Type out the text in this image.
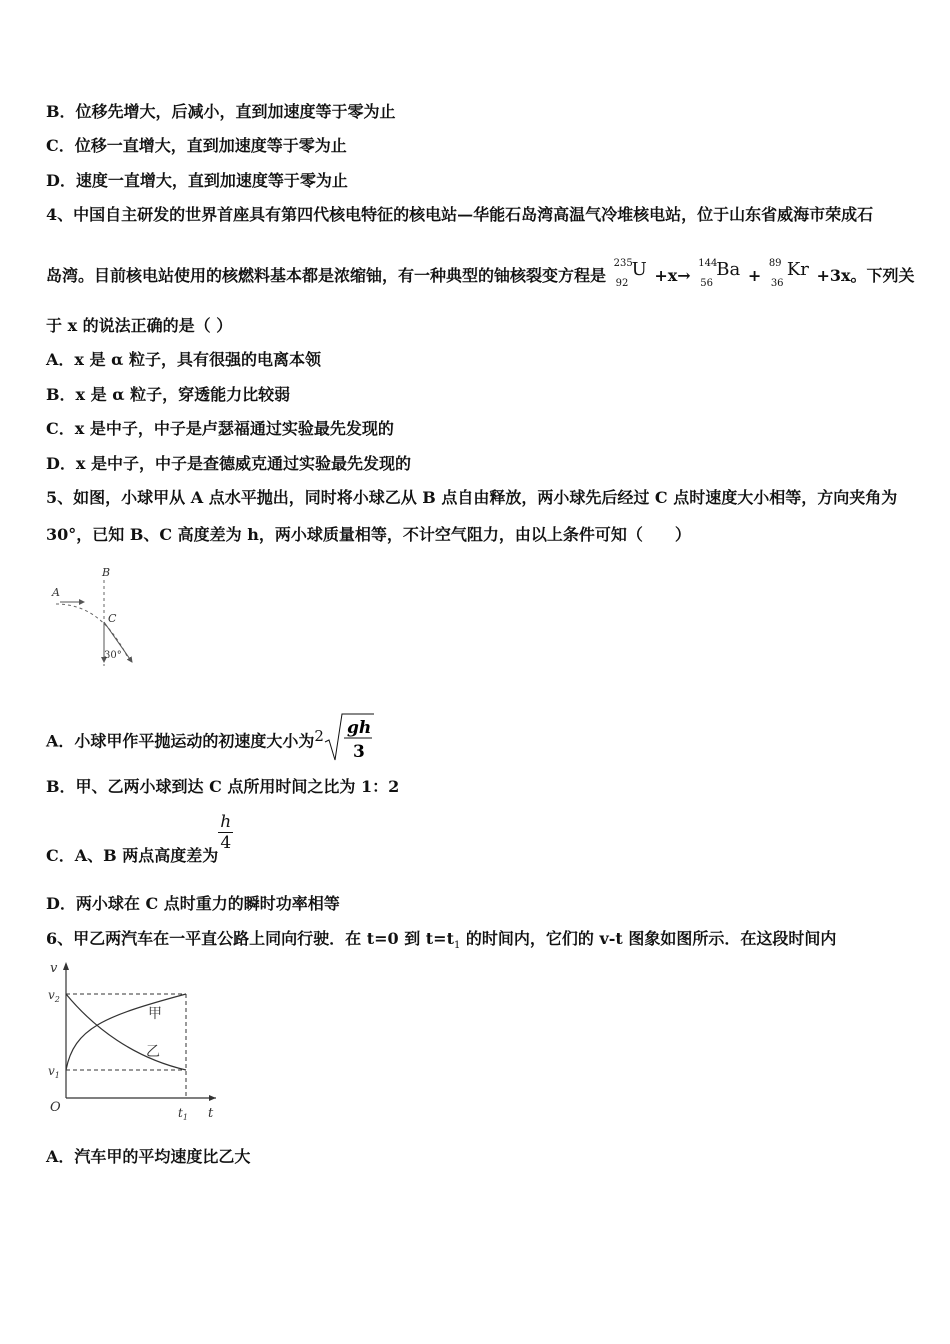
B．位移先增大，后减小，直到加速度等于零为止
C．位移一直增大，直到加速度等于零为止
D．速度一直增大，直到加速度等于零为止
4、中国自主研发的世界首座具有第四代核电特征的核电站—华能石岛湾高温气冷堆核电站，位于山东省威海市荣成石
岛湾。目前核电站使用的核燃料基本都是浓缩铀，有一种典型的铀核裂变方程是
235
92
U +x→
144
56
Ba +
89
36
Kr +3x。下列关
于 x 的说法正确的是（ ）
A．x 是 α 粒子，具有很强的电离本领
B．x 是 α 粒子，穿透能力比较弱
C．x 是中子，中子是卢瑟福通过实验最先发现的
D．x 是中子，中子是查德威克通过实验最先发现的
5、如图，小球甲从 A 点水平抛出，同时将小球乙从 B 点自由释放，两小球先后经过 C 点时速度大小相等，方向夹角为
30°，已知 B、C 高度差为 h，两小球质量相等，不计空气阻力，由以上条件可知（　　）
A
B
C
30°
A．小球甲作平抛运动的初速度大小为2 gh
3
B．甲、乙两小球到达 C 点所用时间之比为 1：2
C．A、B 两点高度差为
$\frac{h}{4}$
D．两小球在 C 点时重力的瞬时功率相等
6、甲乙两汽车在一平直公路上同向行驶．在 t=0 到 $t=t_1$ 的时间内，它们的 v-t 图象如图所示．在这段时间内
v
$v_2$
$v_1$
O	$t_1$ t
甲
乙
A．汽车甲的平均速度比乙大
